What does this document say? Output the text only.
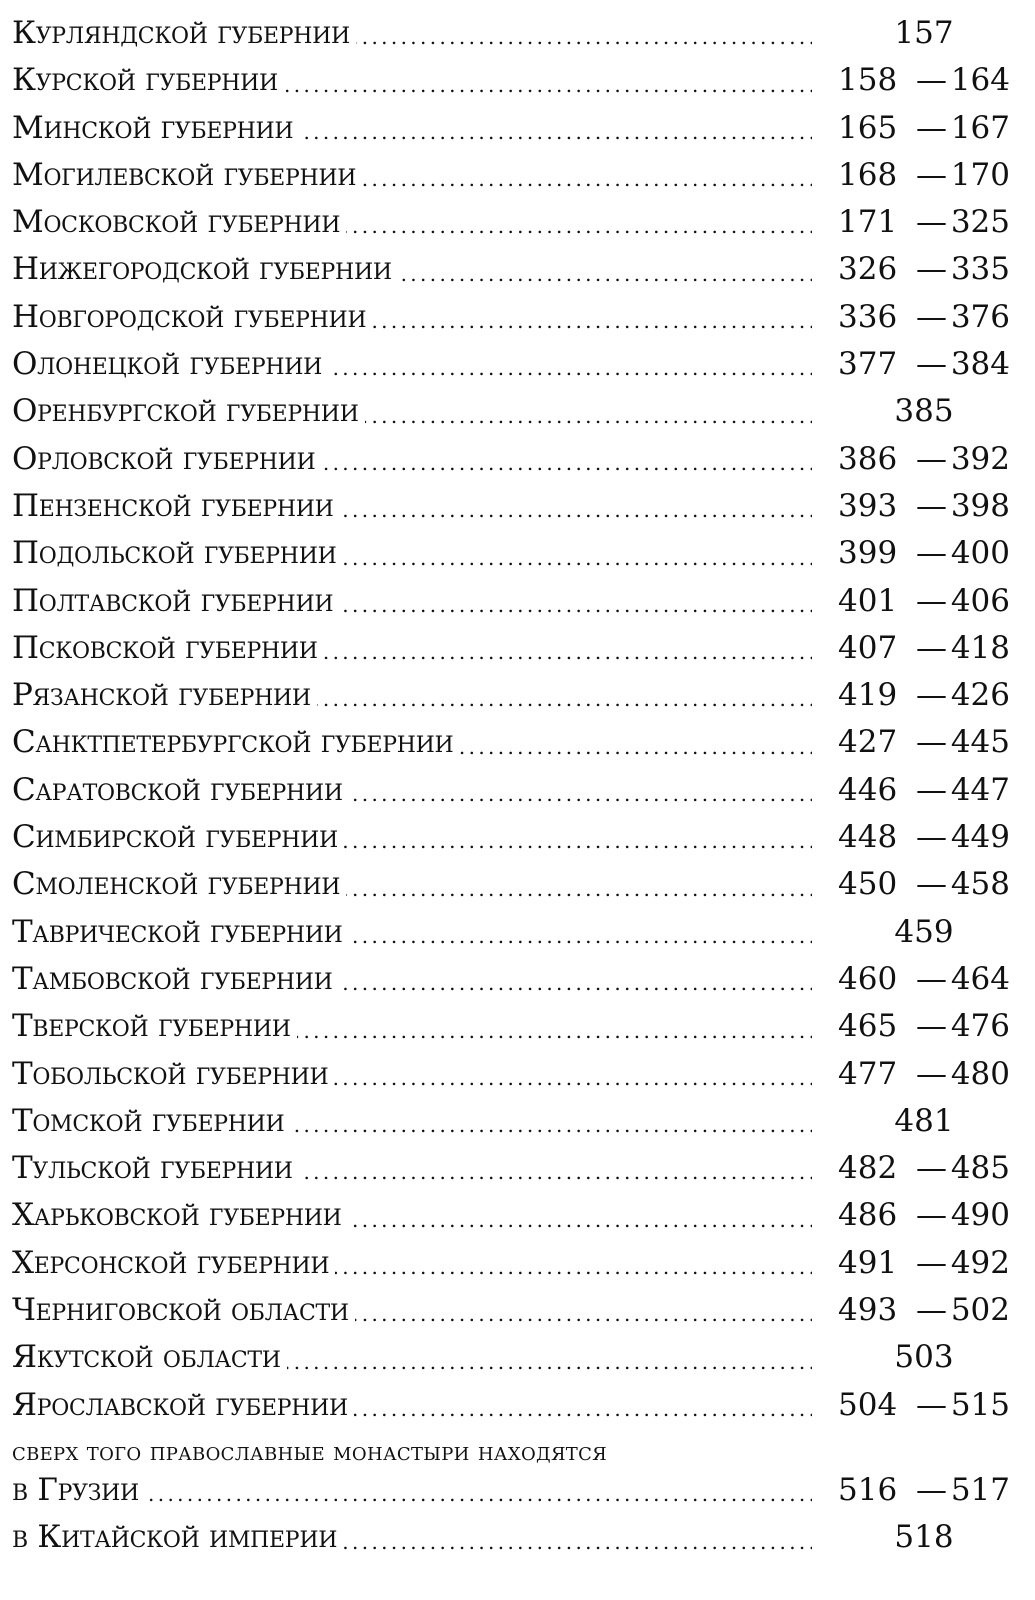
Курляндской губернии . . .	157
Курской губернии . . .	158 — 164
Минской губернии . . .	165 — 167
Могилевской губернии . . .	168 — 170
Московской губернии . . .	171 — 325
Нижегородской губернии . . .	326 — 335
Новгородской губернии . . .	336 — 376
Олонецкой губернии . . .	377 — 384
Оренбургской губернии . . .	385
Орловской губернии . . .	386 — 392
Пензенской губернии . . .	393 — 398
Подольской губернии . . .	399 — 400
Полтавской губернии . . .	401 — 406
Псковской губернии . . .	407 — 418
Рязанской губернии . . .	419 — 426
Санктпетербургской губернии . . .	427 — 445
Саратовской губернии . . .	446 — 447
Симбирской губернии . . .	448 — 449
Смоленской губернии . . .	450 — 458
Таврической губернии . . .	459
Тамбовской губернии . . .	460 — 464
Тверской губернии . . .	465 — 476
Тобольской губернии . . .	477 — 480
Томской губернии . . .	481
Тульской губернии . . .	482 — 485
Харьковской губернии . . .	486 — 490
Херсонской губернии . . .	491 — 492
Черниговской области . . .	493 — 502
Якутской области . . .	503
Ярославской губернии . . .	504 — 515
сверх того православные монастыри находятся
в Грузии . . .	516 — 517
в Китайской империи . . .	518
